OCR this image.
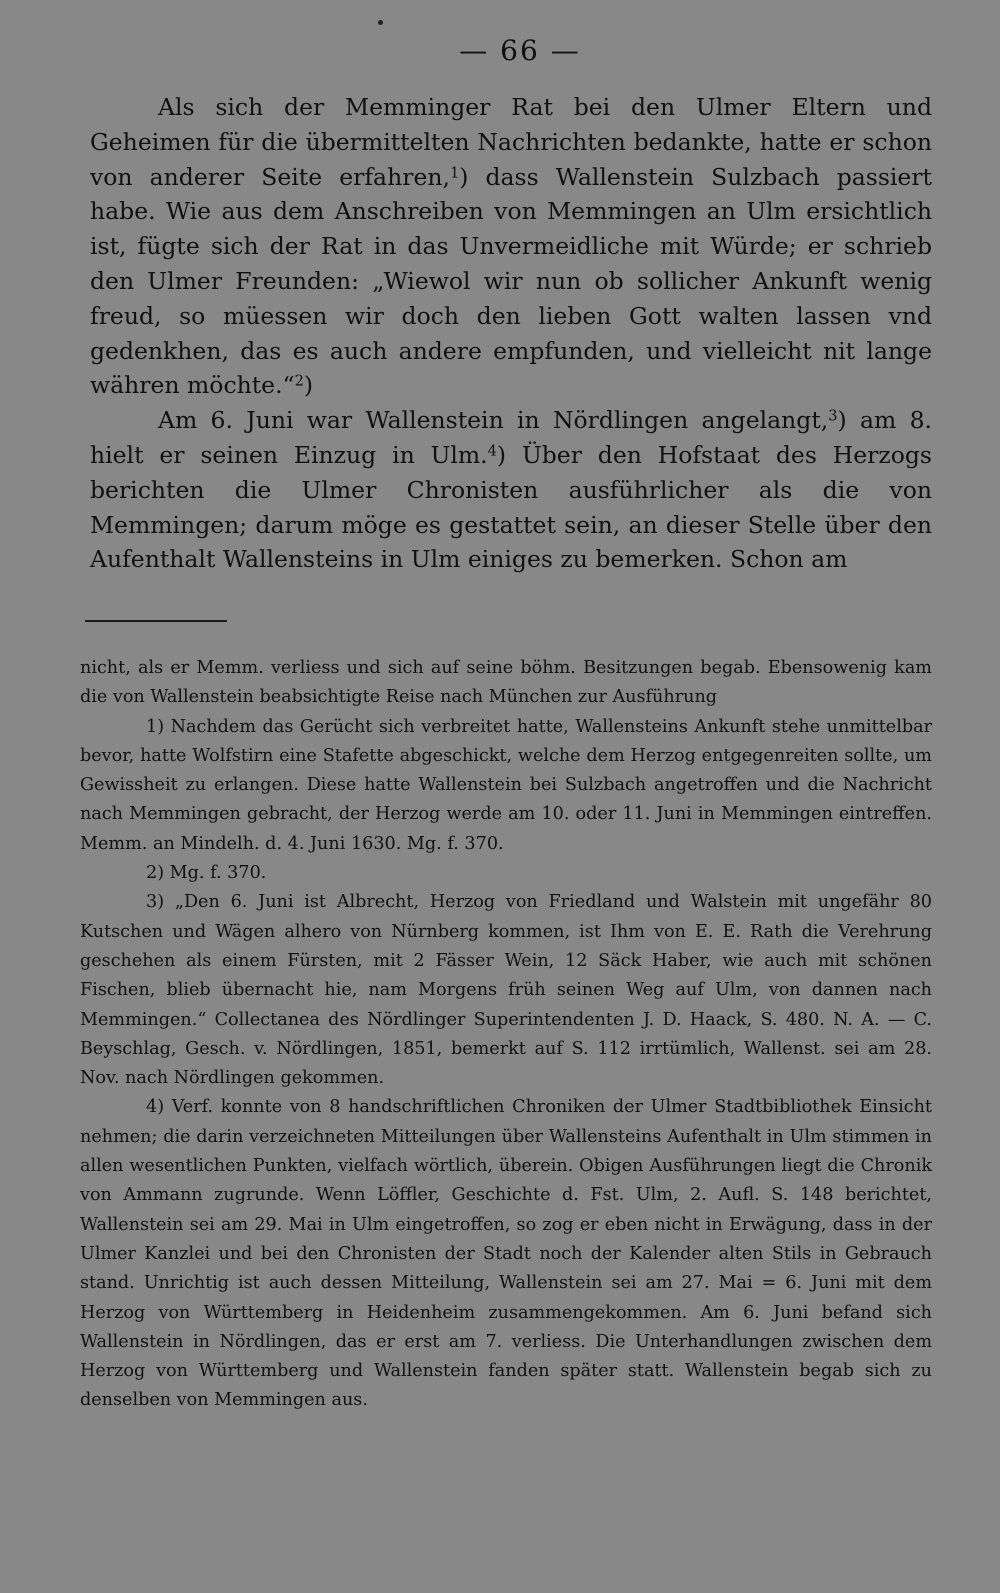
— 66 —

Als sich der Memminger Rat bei den Ulmer Eltern und Geheimen für die übermittelten Nachrichten bedankte, hatte er schon von anderer Seite erfahren,$^1$) dass Wallenstein Sulzbach passiert habe. Wie aus dem Anschreiben von Memmingen an Ulm ersichtlich ist, fügte sich der Rat in das Unvermeidliche mit Würde; er schrieb den Ulmer Freunden: „Wiewol wir nun ob sollicher Ankunft wenig freud, so müessen wir doch den lieben Gott walten lassen vnd gedenkhen, das es auch andere empfunden, und vielleicht nit lange währen möchte.“$^2$)

Am 6. Juni war Wallenstein in Nördlingen angelangt,$^3$) am 8. hielt er seinen Einzug in Ulm.$^4$) Über den Hofstaat des Herzogs berichten die Ulmer Chronisten ausführlicher als die von Memmingen; darum möge es gestattet sein, an dieser Stelle über den Aufenthalt Wallensteins in Ulm einiges zu bemerken. Schon am

nicht, als er Memm. verliess und sich auf seine böhm. Besitzungen begab. Ebensowenig kam die von Wallenstein beabsichtigte Reise nach München zur Ausführung

1) Nachdem das Gerücht sich verbreitet hatte, Wallensteins Ankunft stehe unmittelbar bevor, hatte Wolfstirn eine Stafette abgeschickt, welche dem Herzog entgegenreiten sollte, um Gewissheit zu erlangen. Diese hatte Wallenstein bei Sulzbach angetroffen und die Nachricht nach Memmingen gebracht, der Herzog werde am 10. oder 11. Juni in Memmingen eintreffen. Memm. an Mindelh. d. 4. Juni 1630. Mg. f. 370.

2) Mg. f. 370.

3) „Den 6. Juni ist Albrecht, Herzog von Friedland und Walstein mit ungefähr 80 Kutschen und Wägen alhero von Nürnberg kommen, ist Ihm von E. E. Rath die Verehrung geschehen als einem Fürsten, mit 2 Fässer Wein, 12 Säck Haber, wie auch mit schönen Fischen, blieb übernacht hie, nam Morgens früh seinen Weg auf Ulm, von dannen nach Memmingen.“ Collectanea des Nördlinger Superintendenten J. D. Haack, S. 480. N. A. — C. Beyschlag, Gesch. v. Nördlingen, 1851, bemerkt auf S. 112 irrtümlich, Wallenst. sei am 28. Nov. nach Nördlingen gekommen.

4) Verf. konnte von 8 handschriftlichen Chroniken der Ulmer Stadtbibliothek Einsicht nehmen; die darin verzeichneten Mitteilungen über Wallensteins Aufenthalt in Ulm stimmen in allen wesentlichen Punkten, vielfach wörtlich, überein. Obigen Ausführungen liegt die Chronik von Ammann zugrunde. Wenn Löffler, Geschichte d. Fst. Ulm, 2. Aufl. S. 148 berichtet, Wallenstein sei am 29. Mai in Ulm eingetroffen, so zog er eben nicht in Erwägung, dass in der Ulmer Kanzlei und bei den Chronisten der Stadt noch der Kalender alten Stils in Gebrauch stand. Unrichtig ist auch dessen Mitteilung, Wallenstein sei am 27. Mai = 6. Juni mit dem Herzog von Württemberg in Heidenheim zusammengekommen. Am 6. Juni befand sich Wallenstein in Nördlingen, das er erst am 7. verliess. Die Unterhandlungen zwischen dem Herzog von Württemberg und Wallenstein fanden später statt. Wallenstein begab sich zu denselben von Memmingen aus.
